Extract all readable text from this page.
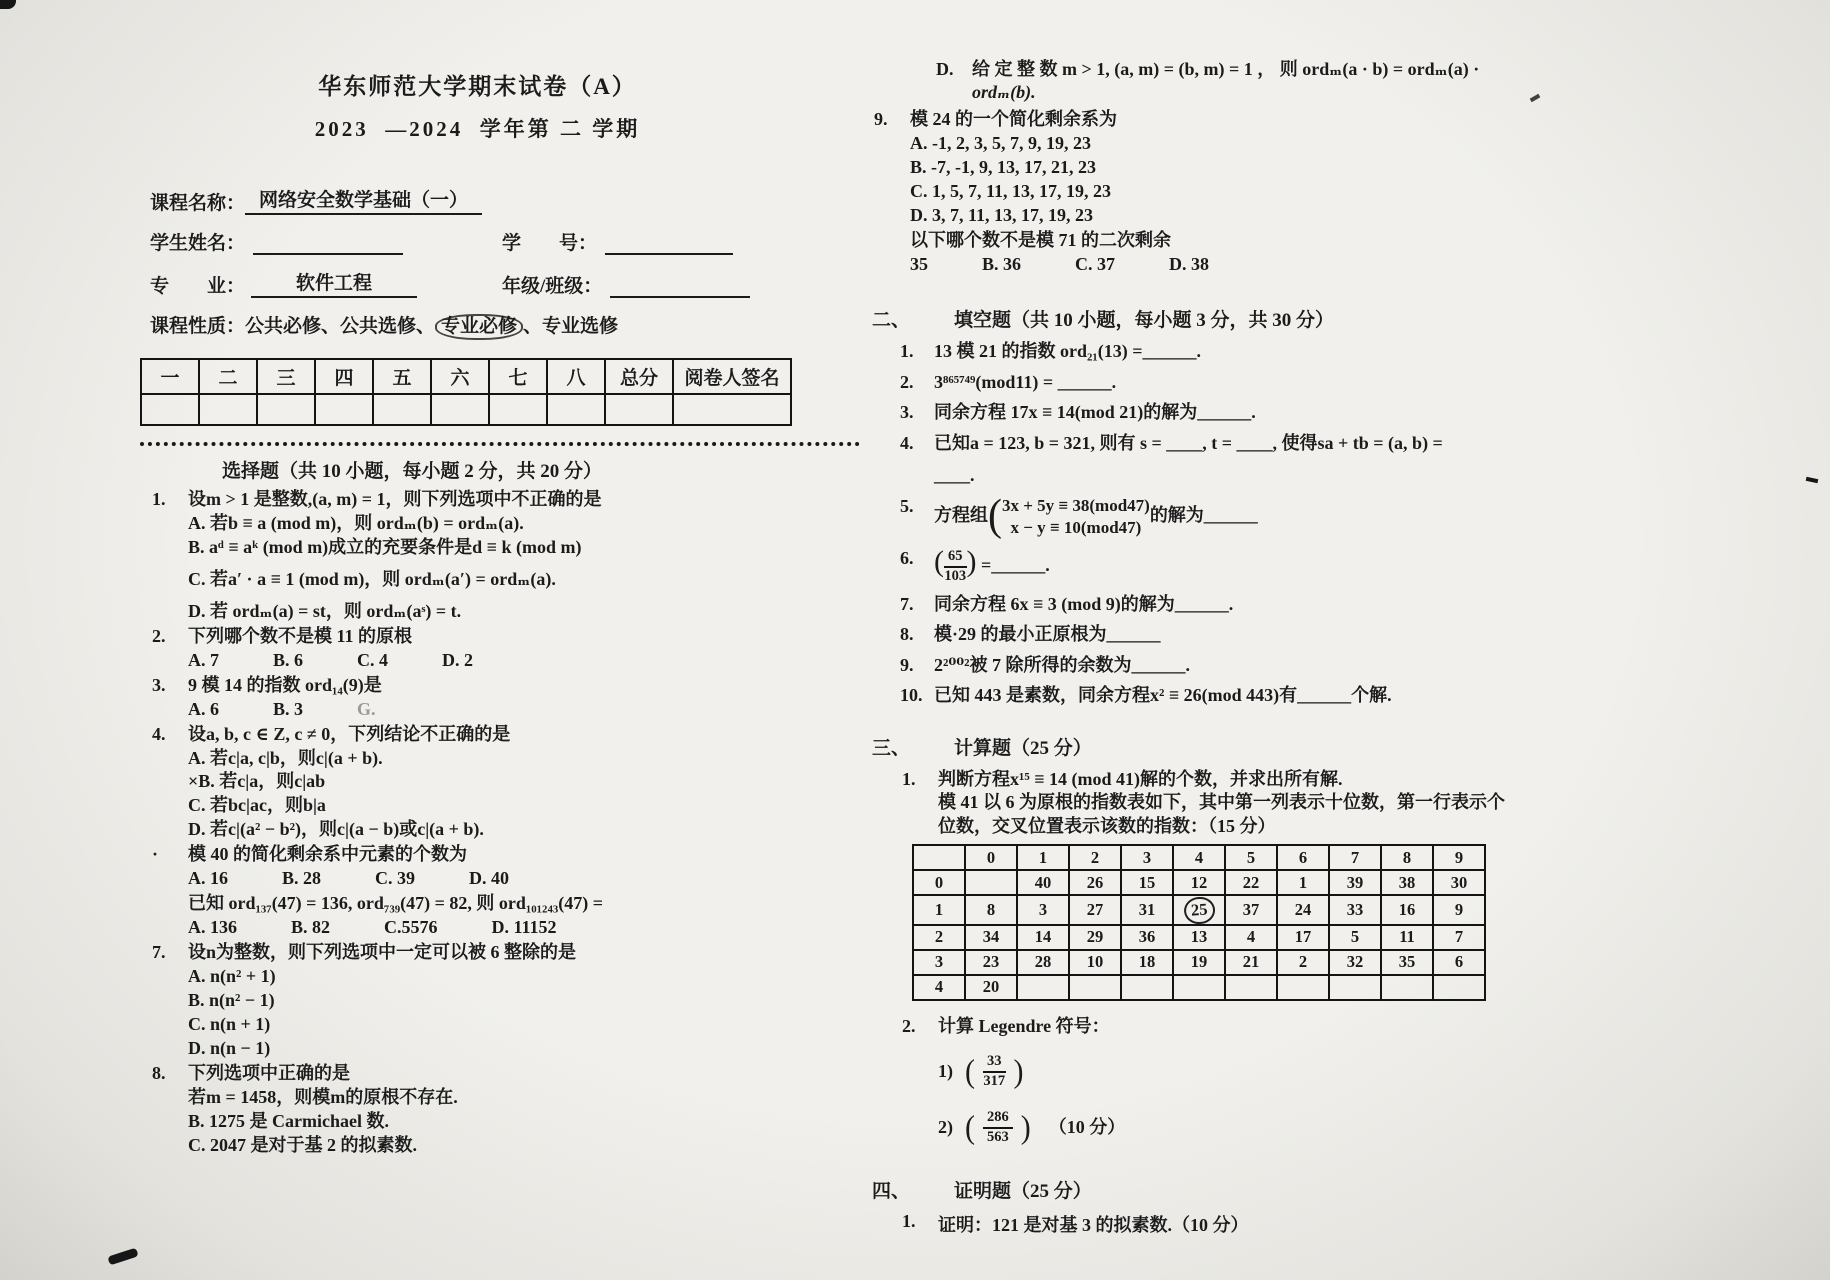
华东师范大学期末试卷（A）
2023  —2024  学年第 二 学期
课程名称： 网络安全数学基础（一）
学生姓名：	学　　号：
专　　业：	软件工程	年级/班级：
课程性质： 公共必修、公共选修、 专业必修 、专业选修
一	二	三	四	五	六	七	八	总分	阅卷人签名

选择题（共 10 小题，每小题 2 分，共 20 分）
1.	设m > 1 是整数,(a, m) = 1，则下列选项中不正确的是
A. 若b ≡ a (mod m)，则 ordₘ(b) = ordₘ(a).
B. aᵈ ≡ aᵏ (mod m)成立的充要条件是d ≡ k (mod m)
C. 若a′ · a ≡ 1 (mod m)，则 ordₘ(a′) = ordₘ(a).
D. 若 ordₘ(a) = st，则 ordₘ(aˢ) = t.
2.	下列哪个数不是模 11 的原根
A. 7	B. 6	C. 4	D. 2
3.	9 模 14 的指数 ord₁₄(9)是
A. 6	B. 3	G.
4.	设a, b, c ∈ Z, c ≠ 0，下列结论不正确的是
A. 若c|a, c|b，则c|(a + b).
×B. 若c|a，则c|ab
C. 若bc|ac，则b|a
D. 若c|(a² − b²)，则c|(a − b)或c|(a + b).
·	模 40 的简化剩余系中元素的个数为
A. 16	B. 28	C. 39	D. 40
已知 ord₁₃₇(47) = 136, ord₇₃₉(47) = 82, 则 ord₁₀₁₂₄₃(47) =
A. 136	B. 82	C.5576	D. 11152
7.	设n为整数，则下列选项中一定可以被 6 整除的是
A. n(n² + 1)
B. n(n² − 1)
C. n(n + 1)
D. n(n − 1)
8.	下列选项中正确的是
若m = 1458，则模m的原根不存在.
B. 1275 是 Carmichael 数.
C. 2047 是对于基 2 的拟素数.
D.	给 定 整 数 m > 1, (a, m) = (b, m) = 1 ， 则 ordₘ(a · b) = ordₘ(a) ·
ordₘ(b).
9.	模 24 的一个简化剩余系为
A. -1, 2, 3, 5, 7, 9, 19, 23
B. -7, -1, 9, 13, 17, 21, 23
C. 1, 5, 7, 11, 13, 17, 19, 23
D. 3, 7, 11, 13, 17, 19, 23
以下哪个数不是模 71 的二次剩余
35	B. 36	C. 37	D. 38
二、	填空题（共 10 小题，每小题 3 分，共 30 分）
1.	13 模 21 的指数 ord₂₁(13) =______.
2.	3⁸⁶⁵⁷⁴⁹(mod11) = ______.
3.	同余方程 17x ≡ 14(mod 21)的解为______.
4.	已知a = 123, b = 321, 则有 s = ____, t = ____, 使得sa + tb = (a, b) =
____.
5.	方程组 ( 3x + 5y ≡ 38(mod47)
x − y ≡ 10(mod47)
的解为______
6. ( $\frac{65}{103}$ ) =______.
7.	同余方程 6x ≡ 3 (mod 9)的解为______.
8.	模·29 的最小正原根为______
9.	2²⁰⁰²被 7 除所得的余数为______.
10. 已知 443 是素数，同余方程x² ≡ 26(mod 443)有______个解.
三、	计算题（25 分）
1.	判断方程x¹⁵ ≡ 14 (mod 41)解的个数，并求出所有解.
模 41 以 6 为原根的指数表如下，其中第一列表示十位数，第一行表示个
位数，交叉位置表示该数的指数：（15 分）
	0	1	2	3	4	5	6	7	8	9
0		40	26	15	12	22	1	39	38	30
1	8	3	27	31	25	37	24	33	16	9
2	34	14	29	36	13	4	17	5	11	7
3	23	28	10	18	19	21	2	32	35	6
4	20									
2.	计算 Legendre 符号：
1) ( $\frac{33}{317}$ )
2) ( $\frac{286}{563}$ ) （10 分）
四、	证明题（25 分）
1.	证明：121 是对基 3 的拟素数.（10 分）
